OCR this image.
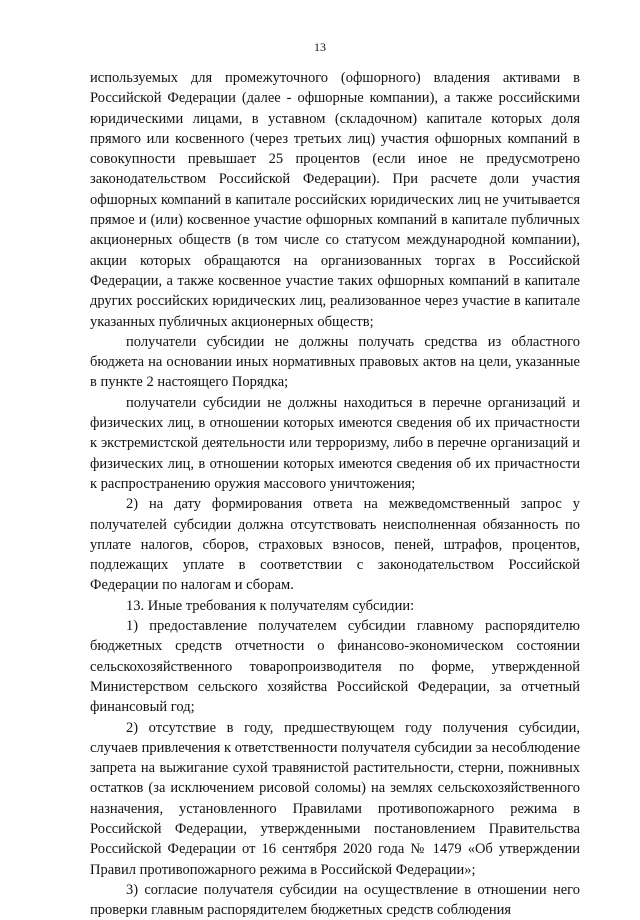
13

используемых для промежуточного (офшорного) владения активами в Российской Федерации (далее - офшорные компании), а также российскими юридическими лицами, в уставном (складочном) капитале которых доля прямого или косвенного (через третьих лиц) участия офшорных компаний в совокупности превышает 25 процентов (если иное не предусмотрено законодательством Российской Федерации). При расчете доли участия офшорных компаний в капитале российских юридических лиц не учитывается прямое и (или) косвенное участие офшорных компаний в капитале публичных акционерных обществ (в том числе со статусом международной компании), акции которых обращаются на организованных торгах в Российской Федерации, а также косвенное участие таких офшорных компаний в капитале других российских юридических лиц, реализованное через участие в капитале указанных публичных акционерных обществ;

получатели субсидии не должны получать средства из областного бюджета на основании иных нормативных правовых актов на цели, указанные в пункте 2 настоящего Порядка;

получатели субсидии не должны находиться в перечне организаций и физических лиц, в отношении которых имеются сведения об их причастности к экстремистской деятельности или терроризму, либо в перечне организаций и физических лиц, в отношении которых имеются сведения об их причастности к распространению оружия массового уничтожения;

2) на дату формирования ответа на межведомственный запрос у получателей субсидии должна отсутствовать неисполненная обязанность по уплате налогов, сборов, страховых взносов, пеней, штрафов, процентов, подлежащих уплате в соответствии с законодательством Российской Федерации по налогам и сборам.

13. Иные требования к получателям субсидии:

1) предоставление получателем субсидии главному распорядителю бюджетных средств отчетности о финансово-экономическом состоянии сельскохозяйственного товаропроизводителя по форме, утвержденной Министерством сельского хозяйства Российской Федерации, за отчетный финансовый год;

2) отсутствие в году, предшествующем году получения субсидии, случаев привлечения к ответственности получателя субсидии за несоблюдение запрета на выжигание сухой травянистой растительности, стерни, пожнивных остатков (за исключением рисовой соломы) на землях сельскохозяйственного назначения, установленного Правилами противопожарного режима в Российской Федерации, утвержденными постановлением Правительства Российской Федерации от 16 сентября 2020 года № 1479 «Об утверждении Правил противопожарного режима в Российской Федерации»;

3) согласие получателя субсидии на осуществление в отношении него проверки главным распорядителем бюджетных средств соблюдения
